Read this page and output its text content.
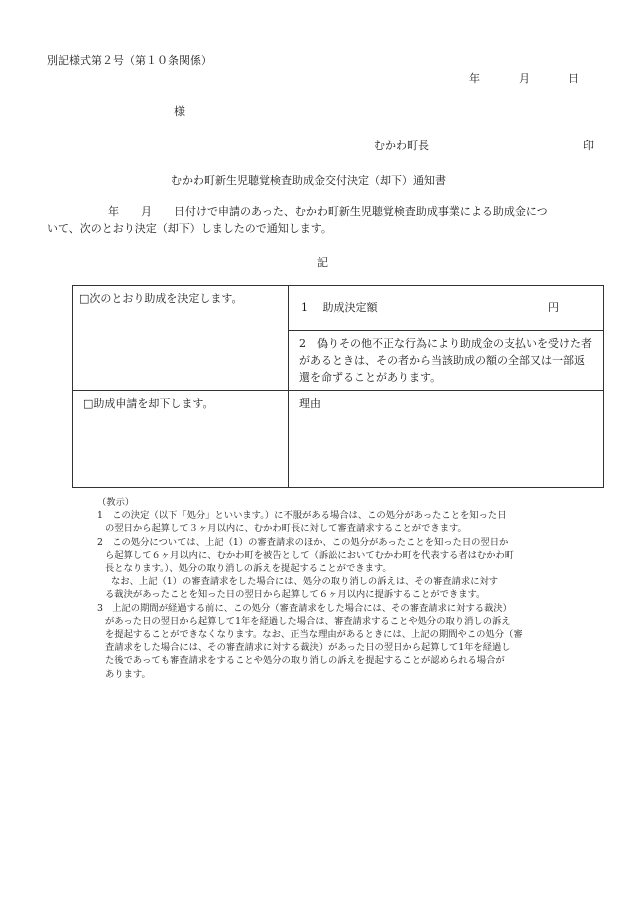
別記様式第２号（第１０条関係）
年	月	日
様
むかわ町長	印
むかわ町新生児聴覚検査助成金交付決定（却下）通知書
年　　月　　日付けで申請のあった、むかわ町新生児聴覚検査助成事業による助成金につ
いて、次のとおり決定（却下）しましたので通知します。
記
□次のとおり助成を決定します。	1　 助成決定額 円

	2　偽りその他不正な行為により助成金の支払いを受けた者があるときは、その者から当該助成の額の全部又は一部返還を命ずることがあります。
□助成申請を却下します。	理由
（教示）
1　この決定（以下「処分」といいます。）に不服がある場合は、この処分があったことを知った日
の翌日から起算して３ヶ月以内に、むかわ町長に対して審査請求することができます。
2　この処分については、上記（1）の審査請求のほか、この処分があったことを知った日の翌日か
ら起算して６ヶ月以内に、むかわ町を被告として（訴訟においてむかわ町を代表する者はむかわ町
長となります。）、処分の取り消しの訴えを提起することができます。
なお、上記（1）の審査請求をした場合には、処分の取り消しの訴えは、その審査請求に対す
る裁決があったことを知った日の翌日から起算して６ヶ月以内に提訴することができます。
3　上記の期間が経過する前に、この処分（審査請求をした場合には、その審査請求に対する裁決）
があった日の翌日から起算して1年を経過した場合は、審査請求することや処分の取り消しの訴え
を提起することができなくなります。なお、正当な理由があるときには、上記の期間やこの処分（審
査請求をした場合には、その審査請求に対する裁決）があった日の翌日から起算して1年を経過し
た後であっても審査請求をすることや処分の取り消しの訴えを提起することが認められる場合が
あります。
